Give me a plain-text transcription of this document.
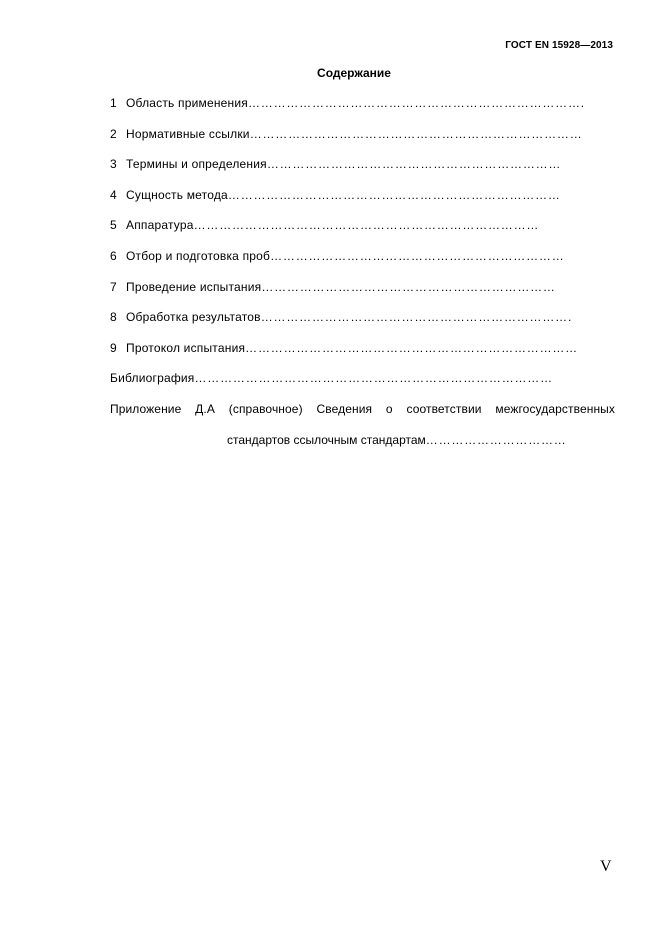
ГОСТ EN 15928—2013
Содержание
1 Область применения…………………………………………………………………….
2 Нормативные ссылки……………………………………………………………………
3 Термины и определения……………………………………………………………
4 Сущность метода……………………………………………………………………
5 Аппаратура………………………………………………………………………
6 Отбор и подготовка проб……………………………………………………………
7 Проведение испытания……………………………………………………………
8 Обработка результатов……………………………………………………………….
9 Протокол испытания……………………………………………………………………
Библиография…………………………………………………………………………
Приложение Д.А (справочное) Сведения о соответствии межгосударственных
стандартов ссылочным стандартам……………………………
V
